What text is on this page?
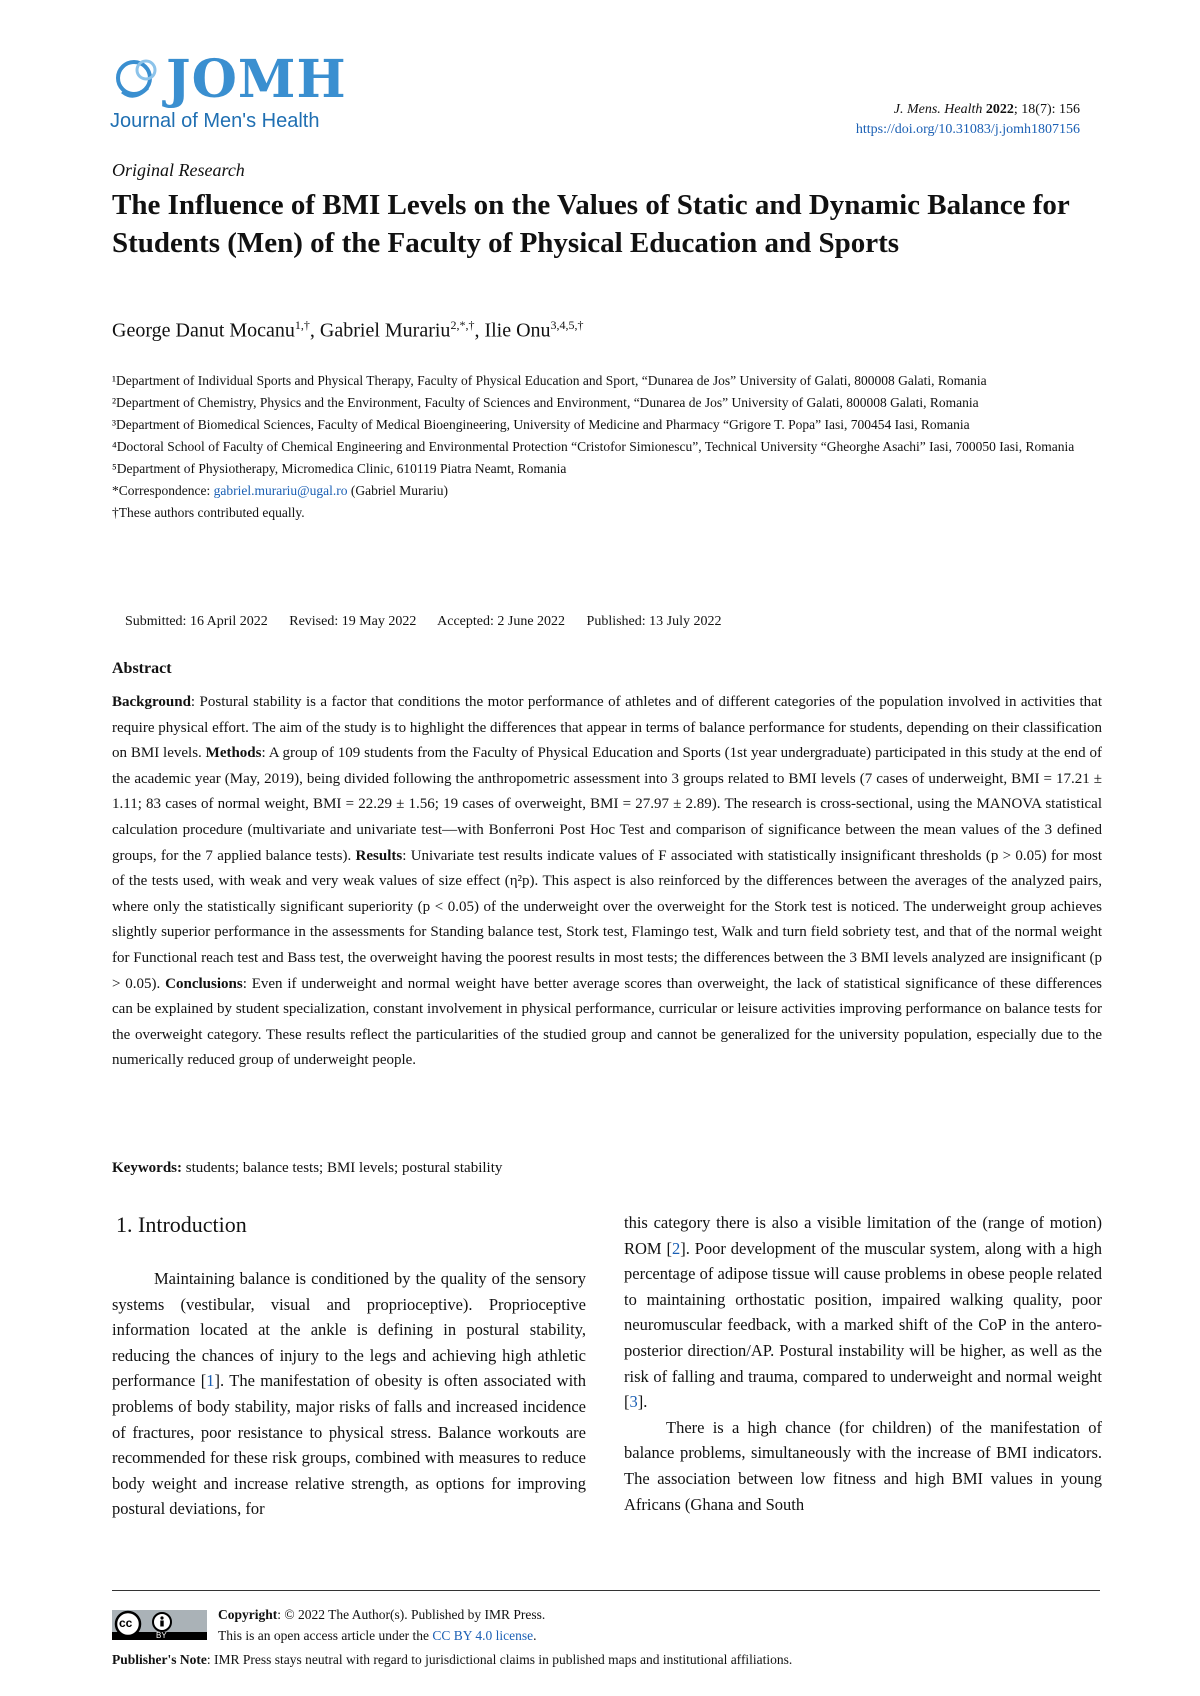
JOMH
Journal of Men's Health
J. Mens. Health 2022; 18(7): 156
https://doi.org/10.31083/j.jomh1807156
Original Research
The Influence of BMI Levels on the Values of Static and Dynamic Balance for Students (Men) of the Faculty of Physical Education and Sports
George Danut Mocanu$^{1,\dagger}$, Gabriel Murariu$^{2,*,\dagger}$, Ilie Onu$^{3,4,5,\dagger}$

¹Department of Individual Sports and Physical Therapy, Faculty of Physical Education and Sport, “Dunarea de Jos” University of Galati, 800008 Galati, Romania

²Department of Chemistry, Physics and the Environment, Faculty of Sciences and Environment, “Dunarea de Jos” University of Galati, 800008 Galati, Romania

³Department of Biomedical Sciences, Faculty of Medical Bioengineering, University of Medicine and Pharmacy “Grigore T. Popa” Iasi, 700454 Iasi, Romania

⁴Doctoral School of Faculty of Chemical Engineering and Environmental Protection “Cristofor Simionescu”, Technical University “Gheorghe Asachi” Iasi, 700050 Iasi, Romania

⁵Department of Physiotherapy, Micromedica Clinic, 610119 Piatra Neamt, Romania

*Correspondence: gabriel.murariu@ugal.ro (Gabriel Murariu)

†These authors contributed equally.

Submitted: 16 April 2022 Revised: 19 May 2022 Accepted: 2 June 2022 Published: 13 July 2022
Abstract
Background: Postural stability is a factor that conditions the motor performance of athletes and of different categories of the population involved in activities that require physical effort. The aim of the study is to highlight the differences that appear in terms of balance performance for students, depending on their classification on BMI levels. Methods: A group of 109 students from the Faculty of Physical Education and Sports (1st year undergraduate) participated in this study at the end of the academic year (May, 2019), being divided following the anthropometric assessment into 3 groups related to BMI levels (7 cases of underweight, BMI = 17.21 ± 1.11; 83 cases of normal weight, BMI = 22.29 ± 1.56; 19 cases of overweight, BMI = 27.97 ± 2.89). The research is cross-sectional, using the MANOVA statistical calculation procedure (multivariate and univariate test—with Bonferroni Post Hoc Test and comparison of significance between the mean values of the 3 defined groups, for the 7 applied balance tests). Results: Univariate test results indicate values of F associated with statistically insignificant thresholds (p > 0.05) for most of the tests used, with weak and very weak values of size effect (η²p). This aspect is also reinforced by the differences between the averages of the analyzed pairs, where only the statistically significant superiority (p < 0.05) of the underweight over the overweight for the Stork test is noticed. The underweight group achieves slightly superior performance in the assessments for Standing balance test, Stork test, Flamingo test, Walk and turn field sobriety test, and that of the normal weight for Functional reach test and Bass test, the overweight having the poorest results in most tests; the differences between the 3 BMI levels analyzed are insignificant (p > 0.05). Conclusions: Even if underweight and normal weight have better average scores than overweight, the lack of statistical significance of these differences can be explained by student specialization, constant involvement in physical performance, curricular or leisure activities improving performance on balance tests for the overweight category. These results reflect the particularities of the studied group and cannot be generalized for the university population, especially due to the numerically reduced group of underweight people.
Keywords: students; balance tests; BMI levels; postural stability
1. Introduction

Maintaining balance is conditioned by the quality of the sensory systems (vestibular, visual and proprioceptive). Proprioceptive information located at the ankle is defining in postural stability, reducing the chances of injury to the legs and achieving high athletic performance [1]. The manifestation of obesity is often associated with problems of body stability, major risks of falls and increased incidence of fractures, poor resistance to physical stress. Balance workouts are recommended for these risk groups, combined with measures to reduce body weight and increase relative strength, as options for improving postural deviations, for

this category there is also a visible limitation of the (range of motion) ROM [2]. Poor development of the muscular system, along with a high percentage of adipose tissue will cause problems in obese people related to maintaining orthostatic position, impaired walking quality, poor neuromuscular feedback, with a marked shift of the CoP in the antero-posterior direction/AP. Postural instability will be higher, as well as the risk of falling and trauma, compared to underweight and normal weight [3].

There is a high chance (for children) of the manifestation of balance problems, simultaneously with the increase of BMI indicators. The association between low fitness and high BMI values in young Africans (Ghana and South

cc
BY
Copyright: © 2022 The Author(s). Published by IMR Press.
This is an open access article under the CC BY 4.0 license.
Publisher's Note: IMR Press stays neutral with regard to jurisdictional claims in published maps and institutional affiliations.
